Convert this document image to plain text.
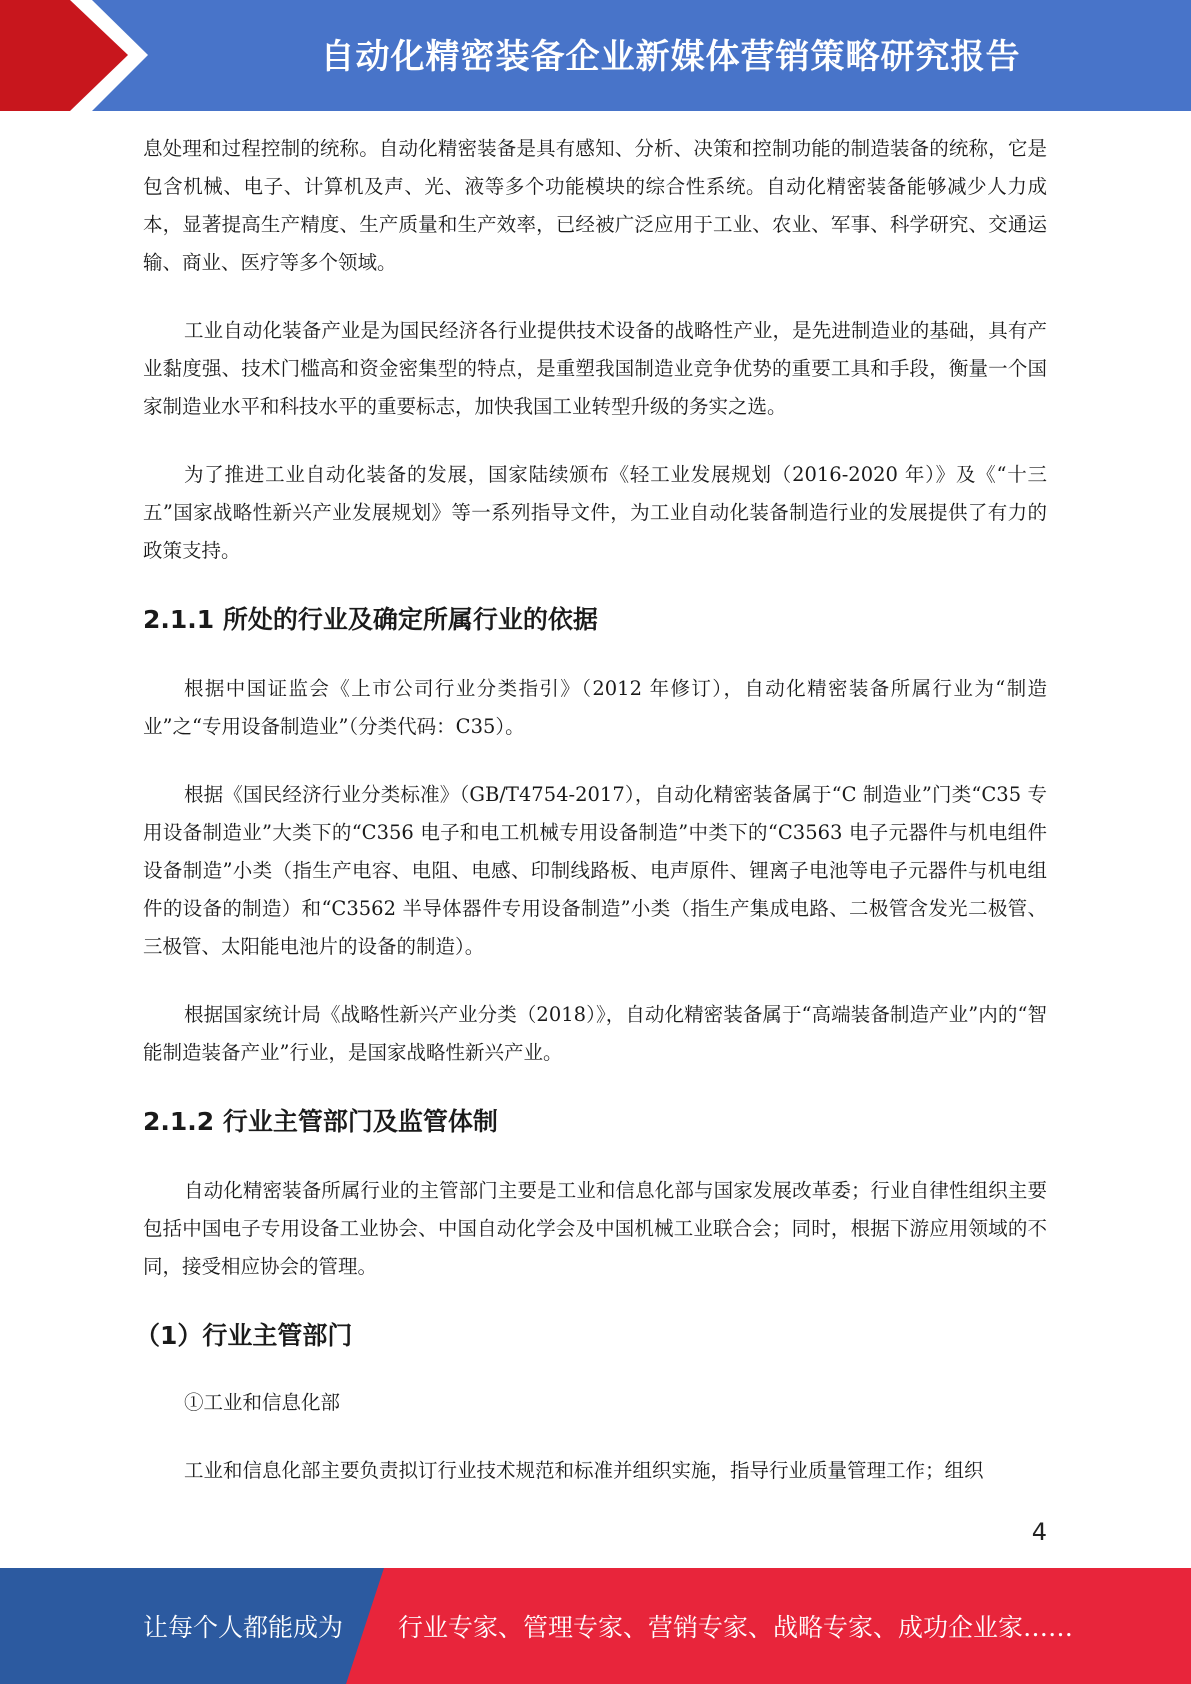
自动化精密装备企业新媒体营销策略研究报告

息处理和过程控制的统称。自动化精密装备是具有感知、分析、决策和控制功能的制造装备的统称，它是包含机械、电子、计算机及声、光、液等多个功能模块的综合性系统。自动化精密装备能够减少人力成本，显著提高生产精度、生产质量和生产效率，已经被广泛应用于工业、农业、军事、科学研究、交通运输、商业、医疗等多个领域。

工业自动化装备产业是为国民经济各行业提供技术设备的战略性产业，是先进制造业的基础，具有产业黏度强、技术门槛高和资金密集型的特点，是重塑我国制造业竞争优势的重要工具和手段，衡量一个国家制造业水平和科技水平的重要标志，加快我国工业转型升级的务实之选。

为了推进工业自动化装备的发展，国家陆续颁布《轻工业发展规划（2016-2020 年）》及《“十三五”国家战略性新兴产业发展规划》等一系列指导文件，为工业自动化装备制造行业的发展提供了有力的政策支持。

2.1.1 所处的行业及确定所属行业的依据

根据中国证监会《上市公司行业分类指引》（2012 年修订），自动化精密装备所属行业为“制造业”之“专用设备制造业”（分类代码：C35）。

根据《国民经济行业分类标准》（GB/T4754-2017），自动化精密装备属于“C 制造业”门类“C35 专用设备制造业”大类下的“C356 电子和电工机械专用设备制造”中类下的“C3563 电子元器件与机电组件设备制造”小类（指生产电容、电阻、电感、印制线路板、电声原件、锂离子电池等电子元器件与机电组件的设备的制造）和“C3562 半导体器件专用设备制造”小类（指生产集成电路、二极管含发光二极管、三极管、太阳能电池片的设备的制造）。

根据国家统计局《战略性新兴产业分类（2018）》，自动化精密装备属于“高端装备制造产业”内的“智能制造装备产业”行业，是国家战略性新兴产业。

2.1.2 行业主管部门及监管体制

自动化精密装备所属行业的主管部门主要是工业和信息化部与国家发展改革委；行业自律性组织主要包括中国电子专用设备工业协会、中国自动化学会及中国机械工业联合会；同时，根据下游应用领域的不同，接受相应协会的管理。

（1）行业主管部门

①工业和信息化部

工业和信息化部主要负责拟订行业技术规范和标准并组织实施，指导行业质量管理工作；组织

4
让每个人都能成为 行业专家、管理专家、营销专家、战略专家、成功企业家……
